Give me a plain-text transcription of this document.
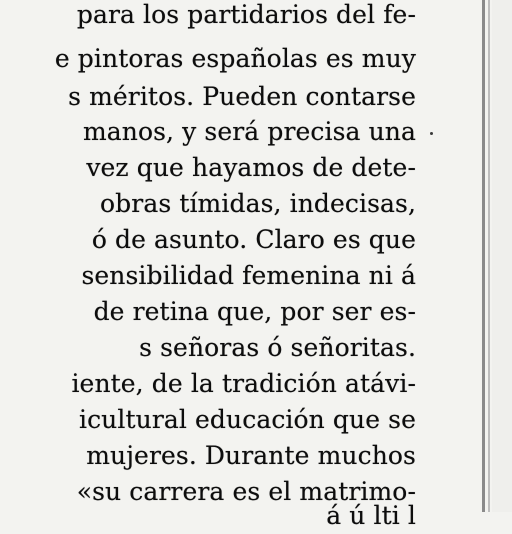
para los partidarios del fe-
e pintoras españolas es muy
s méritos. Pueden contarse
manos, y será precisa una
vez que hayamos de dete-
obras tímidas, indecisas,
ó de asunto. Claro es que
sensibilidad femenina ni á
de retina que, por ser es-
s señoras ó señoritas.
iente, de la tradición atávi-
icultural educación que se
mujeres. Durante muchos
«su carrera es el matrimo-
á ú lti l
